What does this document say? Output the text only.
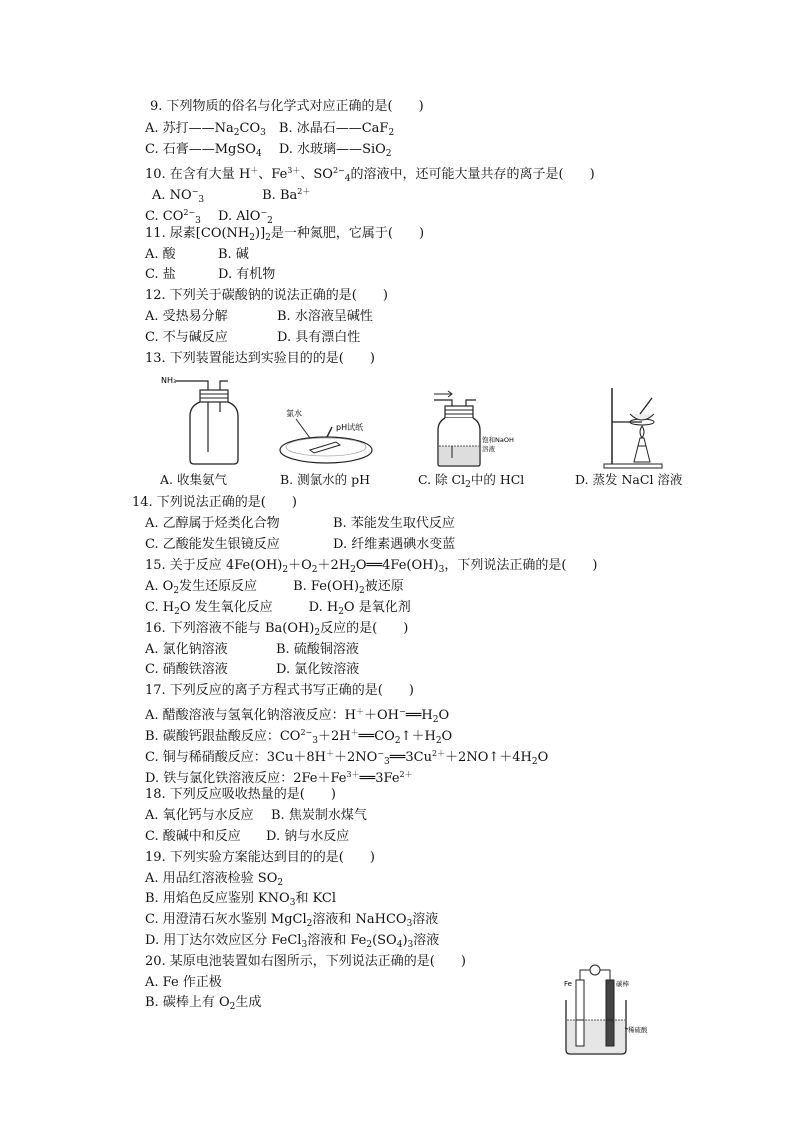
9. 下列物质的俗名与化学式对应正确的是(　　)
A. 苏打$——Na_2CO_3$　 B. 冰晶石——CaF$_2$
C. 石膏——MgSO$_4$　 D. 水玻璃——SiO$_2$
10. 在含有大量 H＋、$Fe^{3+}$、$SO^{2-}_4$的溶液中，还可能大量共存的离子是(　　)
A. $NO^-_3$	B. $Ba^{2+}$
C. $CO^{2-}_3$　 D. AlO−$_2$
11. 尿素$[CO(NH_2)]_2$是一种氮肥，它属于(　　)
A. 酸	B. 碱
C. 盐	D. 有机物
12. 下列关于碳酸钠的说法正确的是(　　)
A. 受热易分解	B. 水溶液呈碱性
C. 不与碱反应	D. 具有漂白性
13. 下列装置能达到实验目的的是(　　)
NH₃
A. 收集氨气
氯水
pH试纸
B. 测氯水的 pH
饱和NaOH
溶液
C. 除 $Cl_2$中的 HCl	D. 蒸发 NaCl 溶液
14. 下列说法正确的是(　　)
A. 乙醇属于烃类化合物	B. 苯能发生取代反应
C. 乙酸能发生银镜反应	D. 纤维素遇碘水变蓝
15. 关于反应 $4Fe(OH)_2+O_2+2H_2O══4Fe(OH)_3$，下列说法正确的是(　　)
A. $O_2$发生还原反应	B. $Fe(OH)_2$被还原
C. $H_2O$ 发生氧化反应	D. $H_2O$ 是氧化剂
16. 下列溶液不能与 $Ba(OH)_2$反应的是(　　)
A. 氯化钠溶液	B. 硫酸铜溶液
C. 硝酸铁溶液	D. 氯化铵溶液
17. 下列反应的离子方程式书写正确的是(　　)
A. 醋酸溶液与氢氧化钠溶液反应：$H^++OH^-══H_2O$
B. 碳酸钙跟盐酸反应：$CO^{2-}_3+2H^+══CO_2↑+H_2O$
C. 铜与稀硝酸反应：$3Cu+8H^++2NO^-_3══3Cu^{2+}+2NO↑+4H_2O$
D. 铁与氯化铁溶液反应：$2Fe+Fe^{3+}══3Fe^{2+}$
18. 下列反应吸收热量的是(　　)
A. 氧化钙与水反应 B. 焦炭制水煤气
C. 酸碱中和反应 D. 钠与水反应
19. 下列实验方案能达到目的的是(　　)
A. 用品红溶液检验 $SO_2$
B. 用焰色反应鉴别 $KNO_3$和 KCl
C. 用澄清石灰水鉴别 MgCl$_2$溶液和 NaHCO$_3$溶液
D. 用丁达尔效应区分 FeCl$_3$溶液和 $Fe_2(SO_4)_3$溶液
20. 某原电池装置如右图所示，下列说法正确的是(　　)
A. Fe 作正极
B. 碳棒上有 $O_2$生成
Fe	碳棒
稀硫酸
